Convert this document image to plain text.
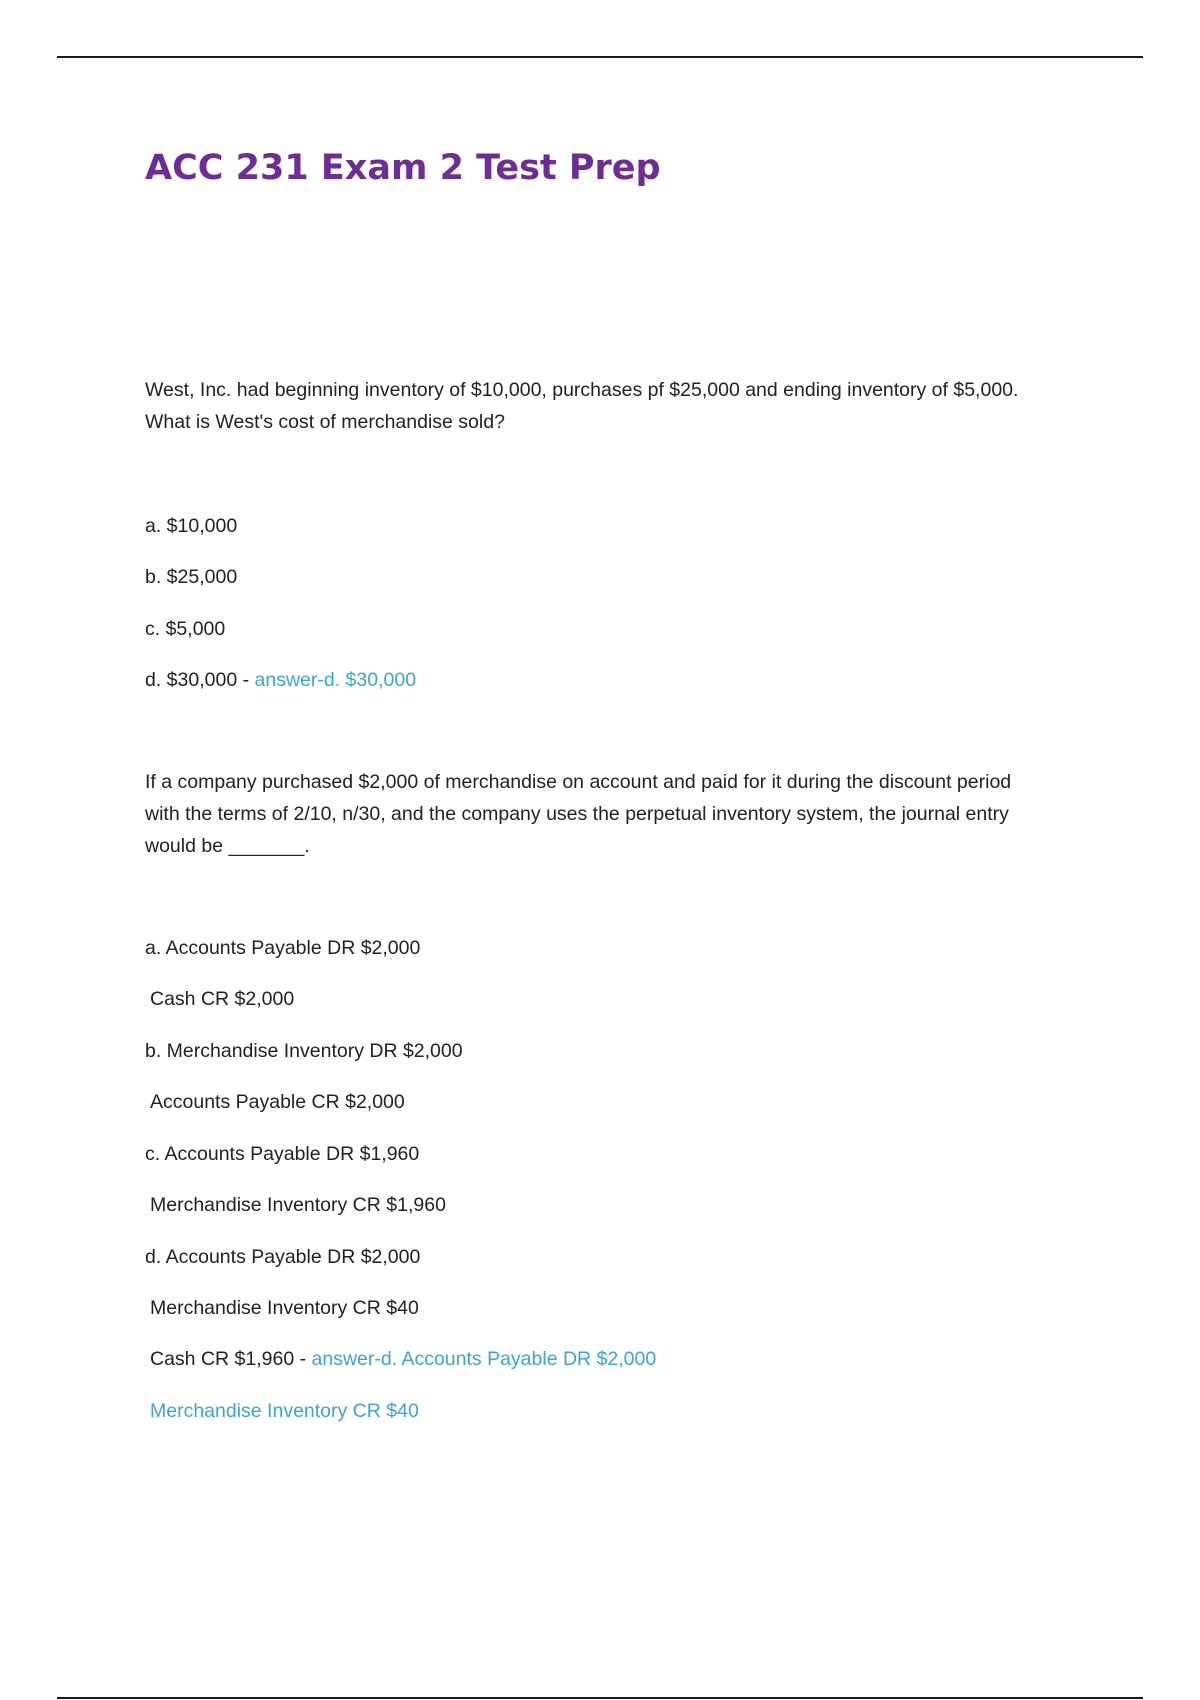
ACC 231 Exam 2 Test Prep
West, Inc. had beginning inventory of $10,000, purchases pf $25,000 and ending inventory of $5,000.
What is West's cost of merchandise sold?
a. $10,000
b. $25,000
c. $5,000
d. $30,000 - answer-d. $30,000
If a company purchased $2,000 of merchandise on account and paid for it during the discount period
with the terms of 2/10, n/30, and the company uses the perpetual inventory system, the journal entry
would be _______.
a. Accounts Payable DR $2,000
Cash CR $2,000
b. Merchandise Inventory DR $2,000
Accounts Payable CR $2,000
c. Accounts Payable DR $1,960
Merchandise Inventory CR $1,960
d. Accounts Payable DR $2,000
Merchandise Inventory CR $40
Cash CR $1,960 - answer-d. Accounts Payable DR $2,000
Merchandise Inventory CR $40
